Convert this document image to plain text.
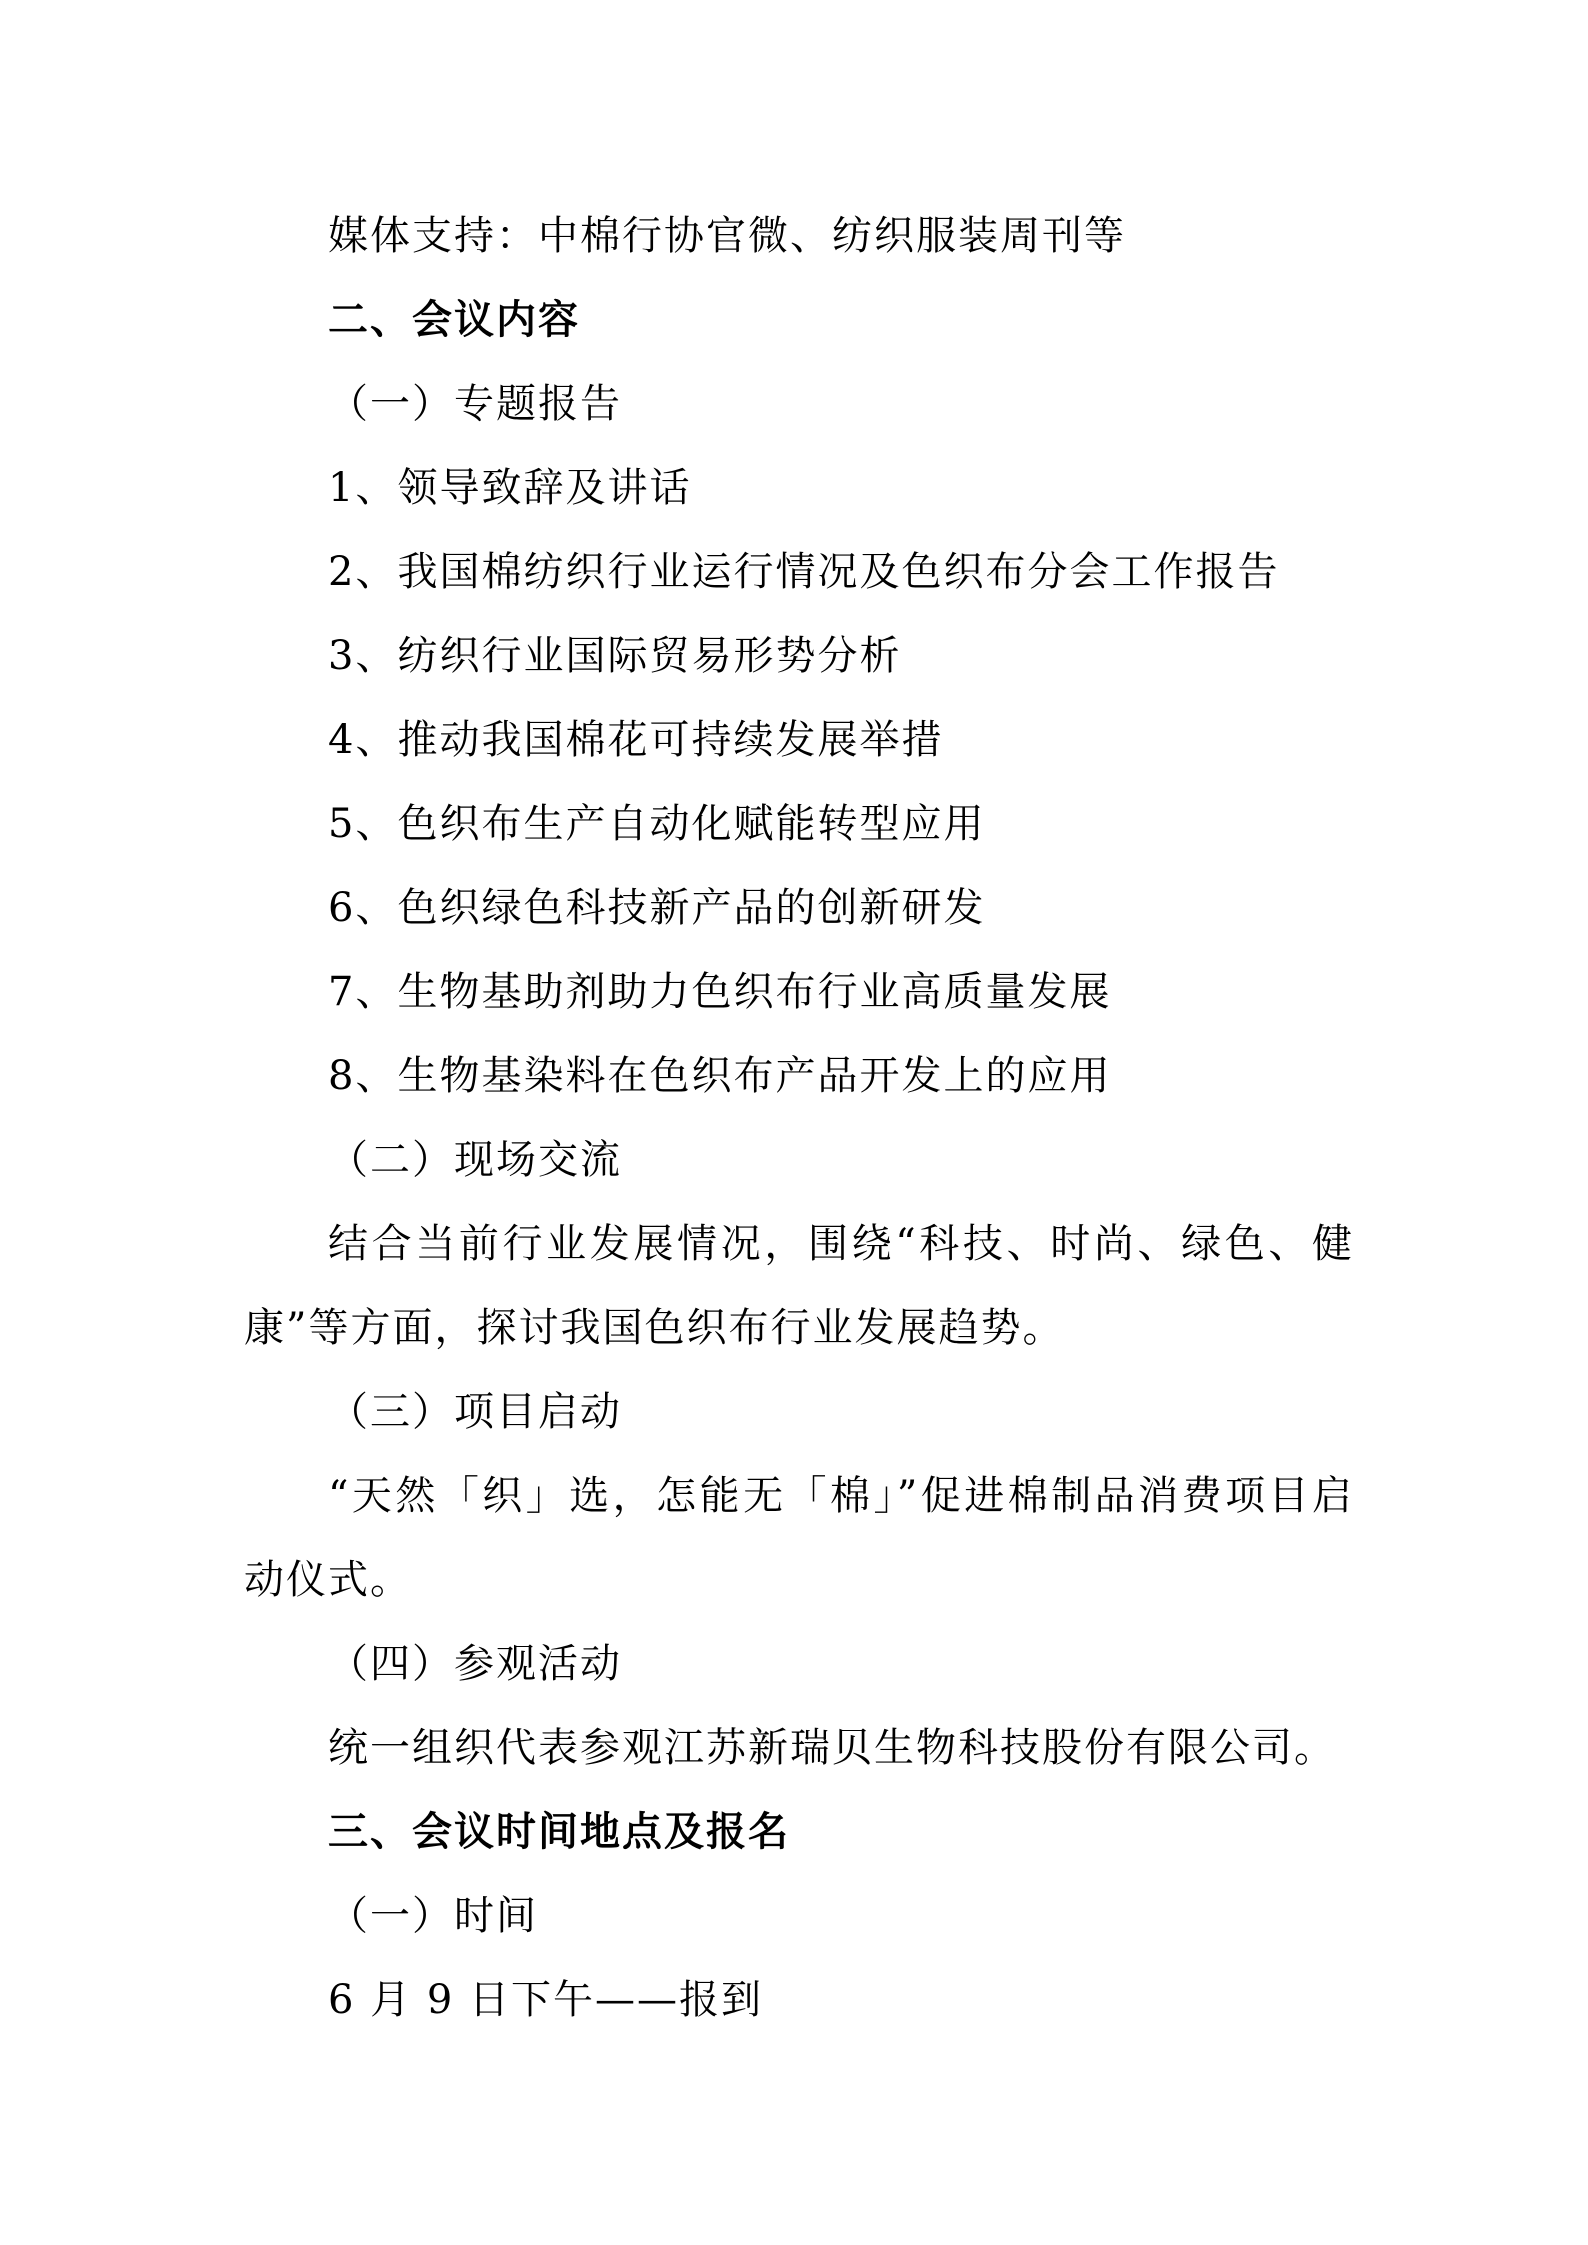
媒体支持：中棉行协官微、纺织服装周刊等
二、会议内容
（一）专题报告
1、领导致辞及讲话
2、我国棉纺织行业运行情况及色织布分会工作报告
3、纺织行业国际贸易形势分析
4、推动我国棉花可持续发展举措
5、色织布生产自动化赋能转型应用
6、色织绿色科技新产品的创新研发
7、生物基助剂助力色织布行业高质量发展
8、生物基染料在色织布产品开发上的应用
（二）现场交流

结合当前行业发展情况，围绕“科技、时尚、绿色、健康”等方面，探讨我国色织布行业发展趋势。

（三）项目启动

“天然「织」选，怎能无「棉」”促进棉制品消费项目启动仪式。

（四）参观活动
统一组织代表参观江苏新瑞贝生物科技股份有限公司。
三、会议时间地点及报名
（一）时间
6 月 9 日下午——报到
